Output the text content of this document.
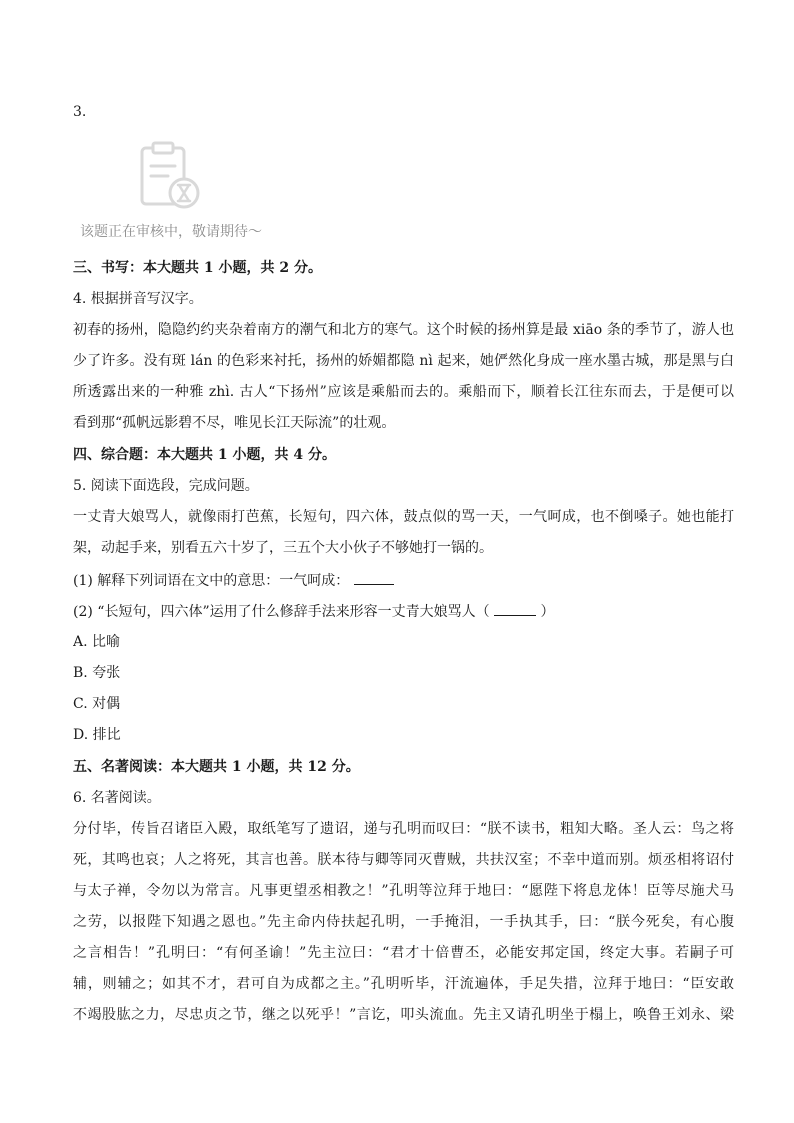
3.
该题正在审核中，敬请期待～
三、书写：本大题共 1 小题，共 2 分。
4. 根据拼音写汉字。
初春的扬州，隐隐约约夹杂着南方的潮气和北方的寒气。这个时候的扬州算是最 xiāo 条的季节了，游人也
少了许多。没有斑 lán 的色彩来衬托，扬州的娇媚都隐 nì 起来，她俨然化身成一座水墨古城，那是黑与白
所透露出来的一种雅 zhì. 古人“下扬州”应该是乘船而去的。乘船而下，顺着长江往东而去，于是便可以
看到那“孤帆远影碧不尽，唯见长江天际流”的壮观。
四、综合题：本大题共 1 小题，共 4 分。
5. 阅读下面选段，完成问题。
一丈青大娘骂人，就像雨打芭蕉，长短句，四六体，鼓点似的骂一天，一气呵成，也不倒嗓子。她也能打
架，动起手来，别看五六十岁了，三五个大小伙子不够她打一锅的。
(1) 解释下列词语在文中的意思：一气呵成：
(2) “长短句，四六体”运用了什么修辞手法来形容一丈青大娘骂人（	）
A. 比喻
B. 夸张
C. 对偶
D. 排比
五、名著阅读：本大题共 1 小题，共 12 分。
6. 名著阅读。
分付毕，传旨召诸臣入殿，取纸笔写了遗诏，递与孔明而叹曰：“朕不读书，粗知大略。圣人云：鸟之将
死，其鸣也哀；人之将死，其言也善。朕本待与卿等同灭曹贼，共扶汉室；不幸中道而别。烦丞相将诏付
与太子禅，令勿以为常言。凡事更望丞相教之！”孔明等泣拜于地曰：“愿陛下将息龙体！臣等尽施犬马
之劳，以报陛下知遇之恩也。”先主命内侍扶起孔明，一手掩泪，一手执其手，曰：“朕今死矣，有心腹
之言相告！”孔明曰：“有何圣谕！”先主泣曰：“君才十倍曹丕，必能安邦定国，终定大事。若嗣子可
辅，则辅之；如其不才，君可自为成都之主。”孔明听毕，汗流遍体，手足失措，泣拜于地曰：“臣安敢
不竭股肱之力，尽忠贞之节，继之以死乎！”言讫，叩头流血。先主又请孔明坐于榻上，唤鲁王刘永、梁
